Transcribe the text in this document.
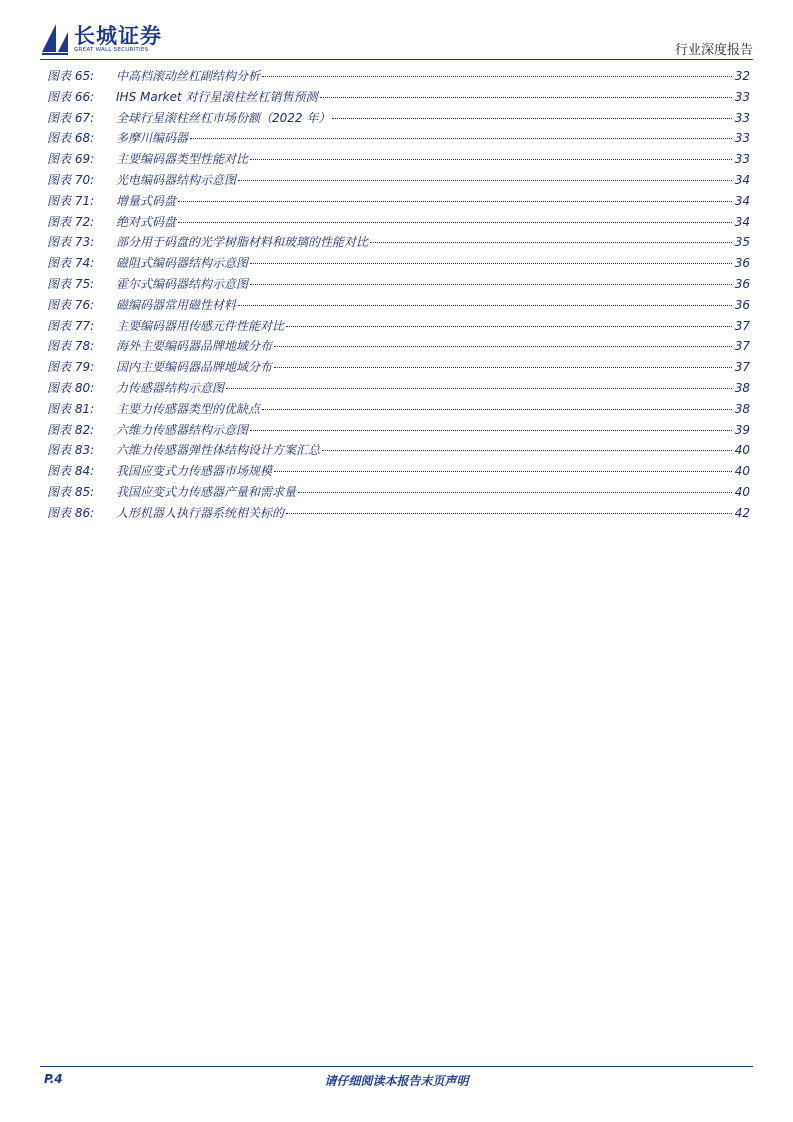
长城证券
GREAT WALL SECURITIES	行业深度报告
图表 65:	中高档滚动丝杠副结构分析	32
图表 66:	IHS Market 对行星滚柱丝杠销售预测	33
图表 67:	全球行星滚柱丝杠市场份额（2022 年）	33
图表 68:	多摩川编码器	33
图表 69:	主要编码器类型性能对比	33
图表 70:	光电编码器结构示意图	34
图表 71:	增量式码盘	34
图表 72:	绝对式码盘	34
图表 73:	部分用于码盘的光学树脂材料和玻璃的性能对比	35
图表 74:	磁阻式编码器结构示意图	36
图表 75:	霍尔式编码器结构示意图	36
图表 76:	磁编码器常用磁性材料	36
图表 77:	主要编码器用传感元件性能对比	37
图表 78:	海外主要编码器品牌地域分布	37
图表 79:	国内主要编码器品牌地域分布	37
图表 80:	力传感器结构示意图	38
图表 81:	主要力传感器类型的优缺点	38
图表 82:	六维力传感器结构示意图	39
图表 83:	六维力传感器弹性体结构设计方案汇总	40
图表 84:	我国应变式力传感器市场规模	40
图表 85:	我国应变式力传感器产量和需求量	40
图表 86:	人形机器人执行器系统相关标的	42
P.4	请仔细阅读本报告末页声明
